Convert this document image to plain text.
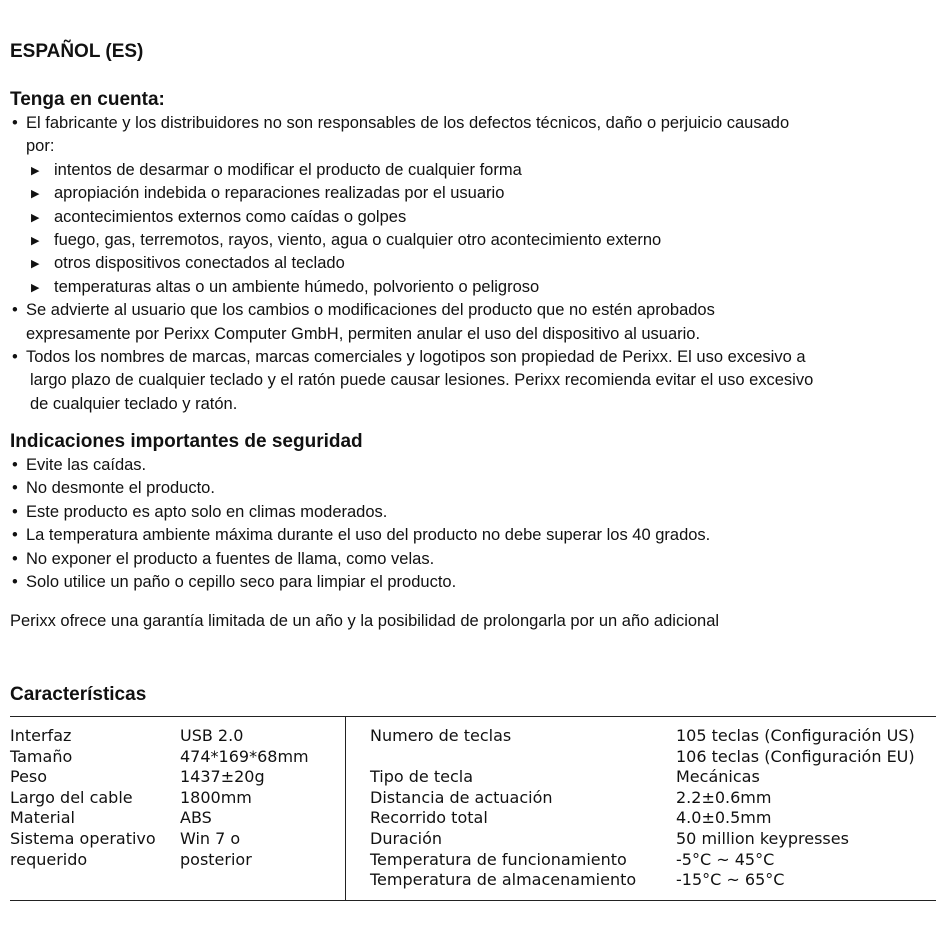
ESPAÑOL (ES)
Tenga en cuenta:
• El fabricante y los distribuidores no son responsables de los defectos técnicos, daño o perjuicio causado
por:
▶ intentos de desarmar o modificar el producto de cualquier forma
▶ apropiación indebida o reparaciones realizadas por el usuario
▶ acontecimientos externos como caídas o golpes
▶ fuego, gas, terremotos, rayos, viento, agua o cualquier otro acontecimiento externo
▶ otros dispositivos conectados al teclado
▶ temperaturas altas o un ambiente húmedo, polvoriento o peligroso
• Se advierte al usuario que los cambios o modificaciones del producto que no estén aprobados
expresamente por Perixx Computer GmbH, permiten anular el uso del dispositivo al usuario.
• Todos los nombres de marcas, marcas comerciales y logotipos son propiedad de Perixx. El uso excesivo a
largo plazo de cualquier teclado y el ratón puede causar lesiones. Perixx recomienda evitar el uso excesivo
de cualquier teclado y ratón.
Indicaciones importantes de seguridad
• Evite las caídas.
• No desmonte el producto.
• Este producto es apto solo en climas moderados.
• La temperatura ambiente máxima durante el uso del producto no debe superar los 40 grados.
• No exponer el producto a fuentes de llama, como velas.
• Solo utilice un paño o cepillo seco para limpiar el producto.
Perixx ofrece una garantía limitada de un año y la posibilidad de prolongarla por un año adicional
Características
Interfaz
Tamaño
Peso
Largo del cable
Material
Sistema operativo
requerido
USB 2.0
474*169*68mm
1437±20g
1800mm
ABS
Win 7 o
posterior
Numero de teclas
Tipo de tecla
Distancia de actuación
Recorrido total
Duración
Temperatura de funcionamiento
Temperatura de almacenamiento
105 teclas (Configuración US)
106 teclas (Configuración EU)
Mecánicas
2.2±0.6mm
4.0±0.5mm
50 million keypresses
-5°C ~ 45°C
-15°C ~ 65°C
